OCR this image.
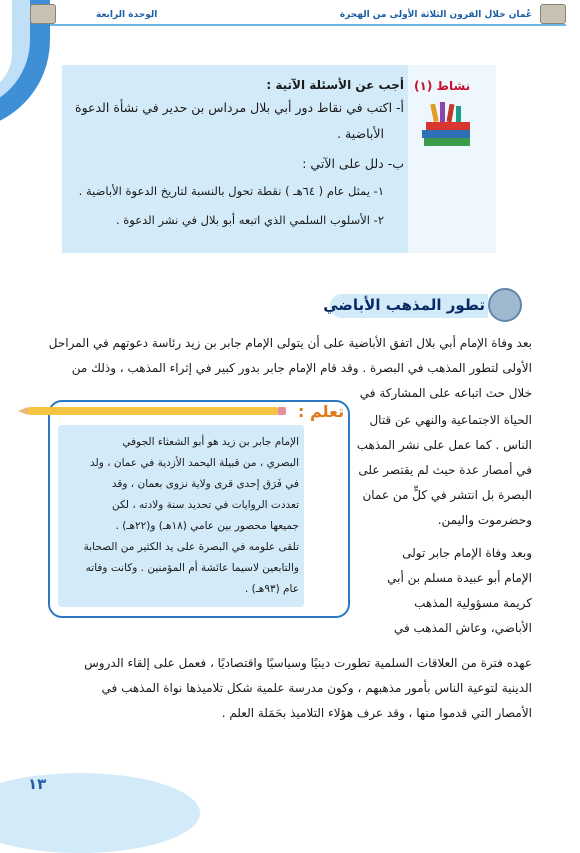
الوحدة الرابعة	عُمان خلال القرون الثلاثة الأولى من الهجرة
نشاط (١)
أجب عن الأسئلة الآتية :
أ- اكتب في نقاط دور أبي بلال مرداس بن حدير في نشأة الدعوة
الأباضية .
ب- دلل على الآتي :
١- يمثل عام ( ٦٤هـ ) نقطة تحول بالنسبة لتاريخ الدعوة الأباضية .
٢- الأسلوب السلمي الذي اتبعه أبو بلال في نشر الدعوة .
تطور المذهب الأباضي
بعد وفاة الإمام أبي بلال اتفق الأباضية على أن يتولى الإمام جابر بن زيد رئاسة دعوتهم في المراحل
الأولى لتطور المذهب في البصرة . وقد قام الإمام جابر بدور كبير في إثراء المذهب ، وذلك من
خلال حث اتباعه على المشاركة في
الحياة الاجتماعية والنهي عن قتال
الناس . كما عمل على نشر المذهب
في أمصار عدة حيث لم يقتصر على
البصرة بل انتشر في كلٍّ من عمان
وحضرموت واليمن.
وبعد وفاة الإمام جابر تولى
الإمام أبو عبيدة مسلم بن أبي
كريمة مسؤولية المذهب
الأباضي، وعاش المذهب في
تعلم :
الإمام جابر بن زيد هو أبو الشعثاء الجوفي
البصري ، من قبيلة اليحمد الأزدية في عمان ، ولد
في فَرَق إحدى قرى ولاية نزوى بعمان ، وقد
تعددت الروايات في تحديد سنة ولادته ، لكن
جميعها محصور بين عامي (١٨هـ) و(٢٢هـ) .
تلقى علومه في البصرة على يد الكثير من الصحابة
والتابعين لاسيما عائشة أم المؤمنين . وكانت وفاته
عام (٩٣هـ) .
عهده فترة من العلاقات السلمية تطورت دينيًا وسياسيًا واقتصاديًا ، فعمل على إلقاء الدروس
الدينية لتوعية الناس بأمور مذهبهم ، وكون مدرسة علمية شكل تلاميذها نواة المذهب في
الأمصار التي قدموا منها ، وقد عرف هؤلاء التلاميذ بحَمَلة العلم .
١٣
